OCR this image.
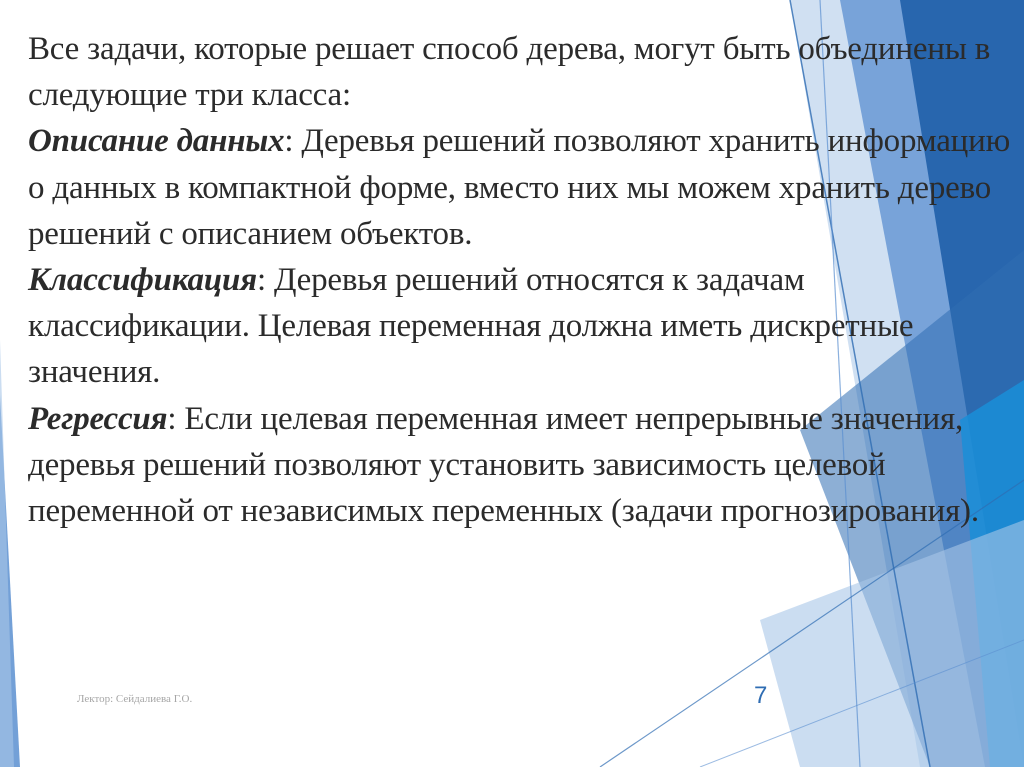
Все задачи, которые решает способ дерева, могут быть объединены в следующие три класса:

Описание данных: Деревья решений позволяют хранить информацию о данных в компактной форме, вместо них мы можем хранить дерево решений с описанием объектов.

Классификация: Деревья решений относятся к задачам классификации. Целевая переменная должна иметь дискретные значения.

Регрессия: Если целевая переменная имеет непрерывные значения, деревья решений позволяют установить зависимость целевой переменной от независимых переменных (задачи прогнозирования).

Лектор: Сейдалиева Г.О.	7
